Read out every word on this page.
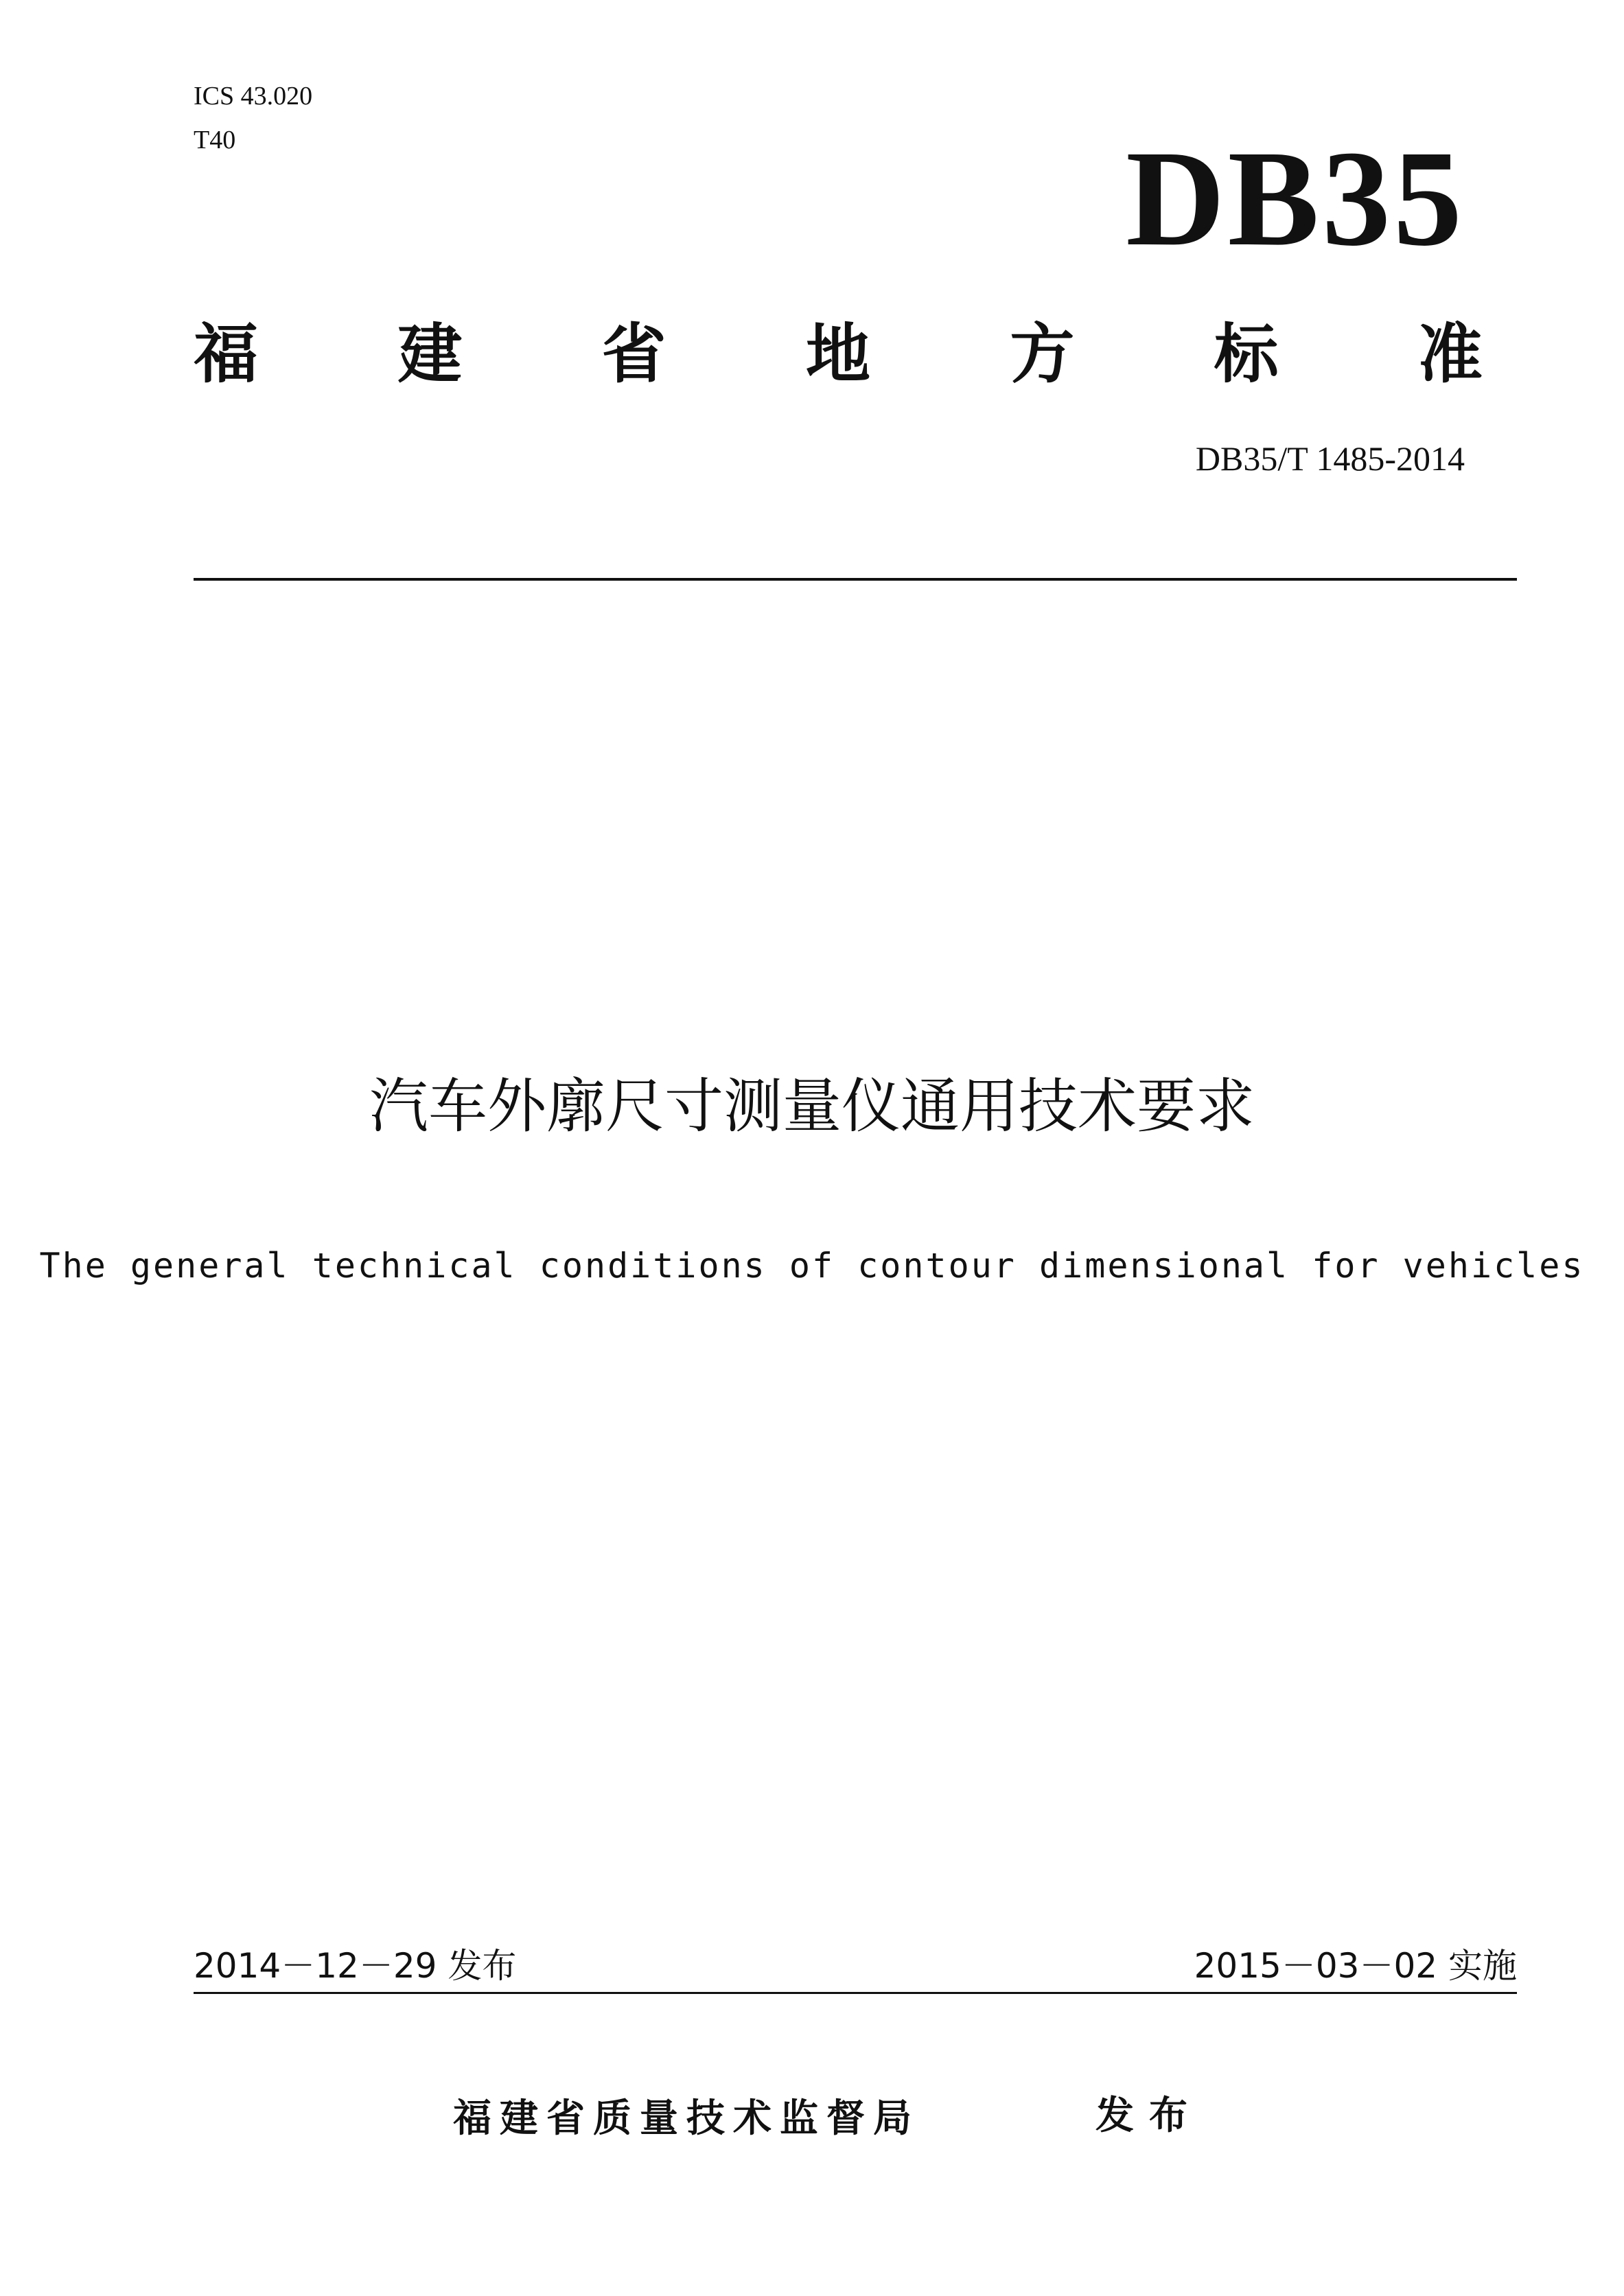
ICS 43.020
T40	DB35
福 建 省 地 方 标 准
DB35/T 1485-2014
汽车外廓尺寸测量仪通用技术要求
The general technical conditions of contour dimensional for vehicles
2014－12－29 发布	2015－03－02 实施
福建省质量技术监督局	发布
